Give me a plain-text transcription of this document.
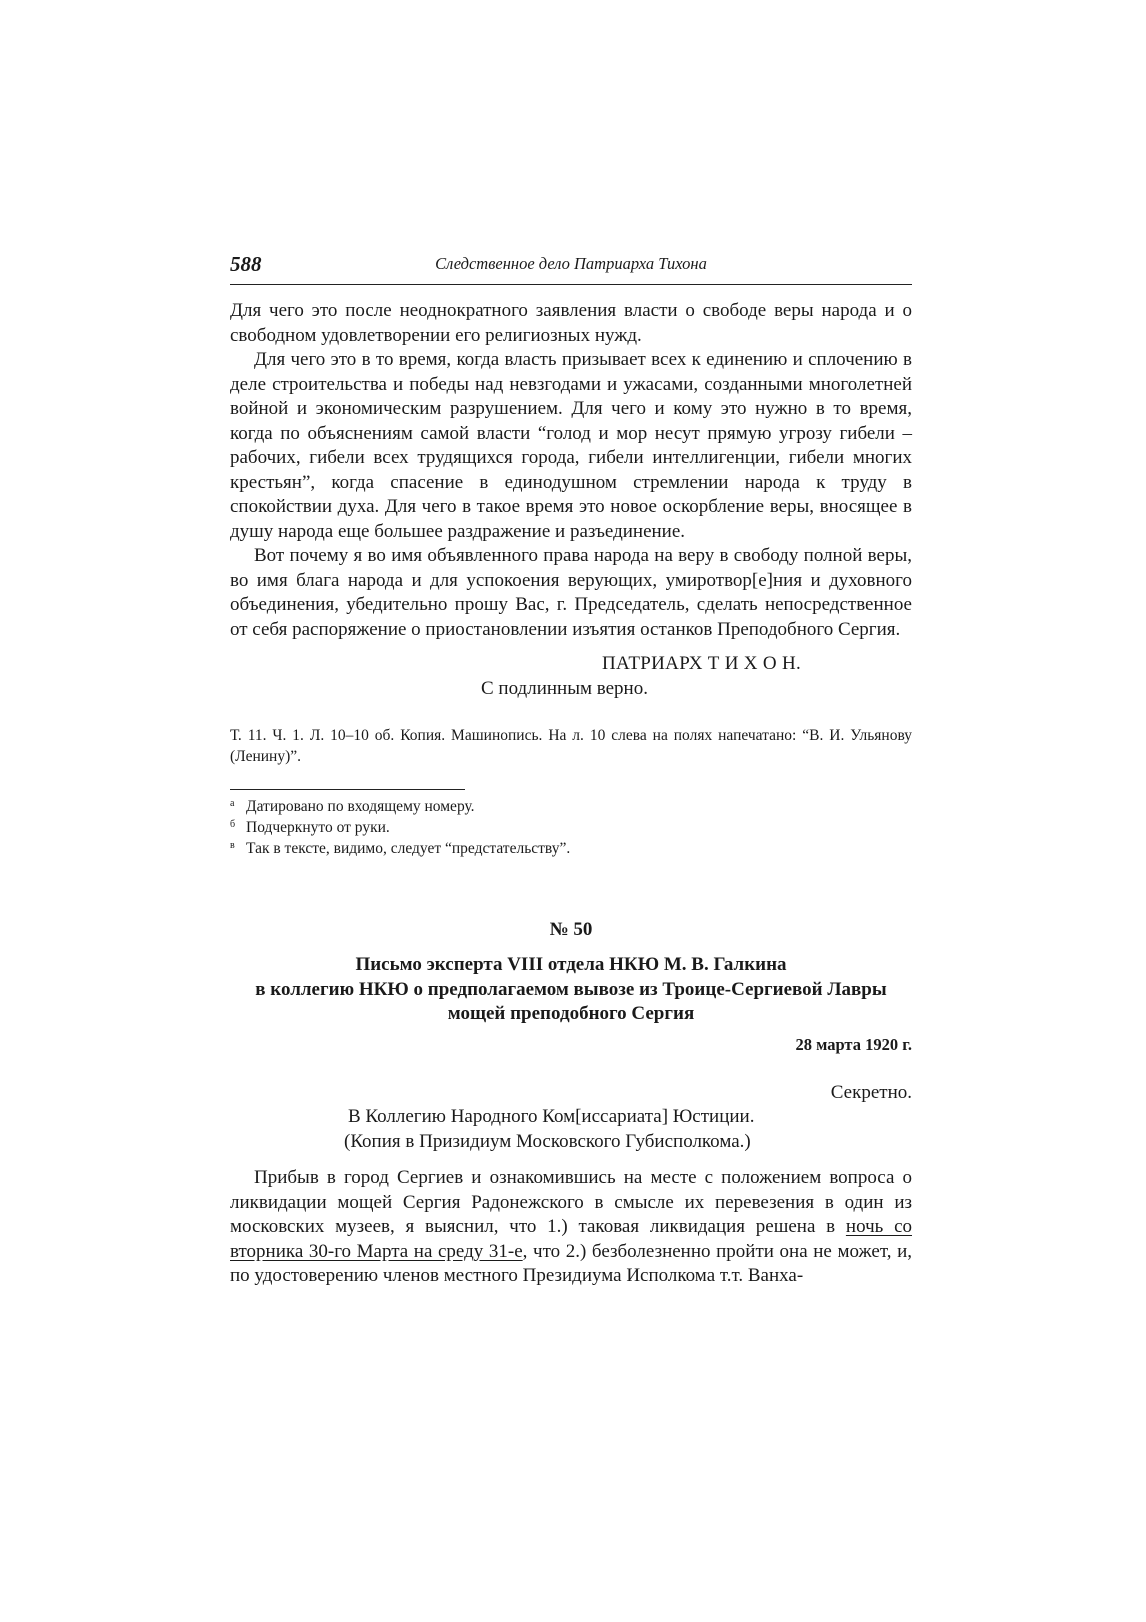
588	Следственное дело Патриарха Тихона

Для чего это после неоднократного заявления власти о свободе веры народа и о свободном удовлетворении его религиозных нужд.

Для чего это в то время, когда власть призывает всех к единению и сплочению в деле строительства и победы над невзгодами и ужасами, созданными многолетней войной и экономическим разрушением. Для чего и кому это нужно в то время, когда по объяснениям самой власти “голод и мор несут прямую угрозу гибели – рабочих, гибели всех трудящихся города, гибели интеллигенции, гибели многих крестьян”, когда спасение в единодушном стремлении народа к труду в спокойствии духа. Для чего в такое время это новое оскорбление веры, вносящее в душу народа еще большее раздражение и разъединение.

Вот почему я во имя объявленного права народа на веру в свободу полной веры, во имя блага народа и для успокоения верующих, умиротвор[е]ния и духовного объединения, убедительно прошу Вас, г. Председатель, сделать непосредственное от себя распоряжение о приостановлении изъятия останков Преподобного Сергия.

ПАТРИАРХ Т И Х О Н.
С подлинным верно.
Т. 11. Ч. 1. Л. 10–10 об. Копия. Машинопись. На л. 10 слева на полях напечатано: “В. И. Ульянову (Ленину)”.
а Датировано по входящему номеру.
б Подчеркнуто от руки.
в Так в тексте, видимо, следует “предстательству”.
№ 50
Письмо эксперта VIII отдела НКЮ М. В. Галкина
в коллегию НКЮ о предполагаемом вывозе из Троице-Сергиевой Лавры
мощей преподобного Сергия
28 марта 1920 г.
Секретно.
В Коллегию Народного Ком[иссариата] Юстиции.
(Копия в Призидиум Московского Губисполкома.)

Прибыв в город Сергиев и ознакомившись на месте с положением вопроса о ликвидации мощей Сергия Радонежского в смысле их перевезения в один из московских музеев, я выяснил, что 1.) таковая ликвидация решена в ночь со вторника 30-го Марта на среду 31-е, что 2.) безболезненно пройти она не может, и, по удостоверению членов местного Президиума Исполкома т.т. Ванха-
